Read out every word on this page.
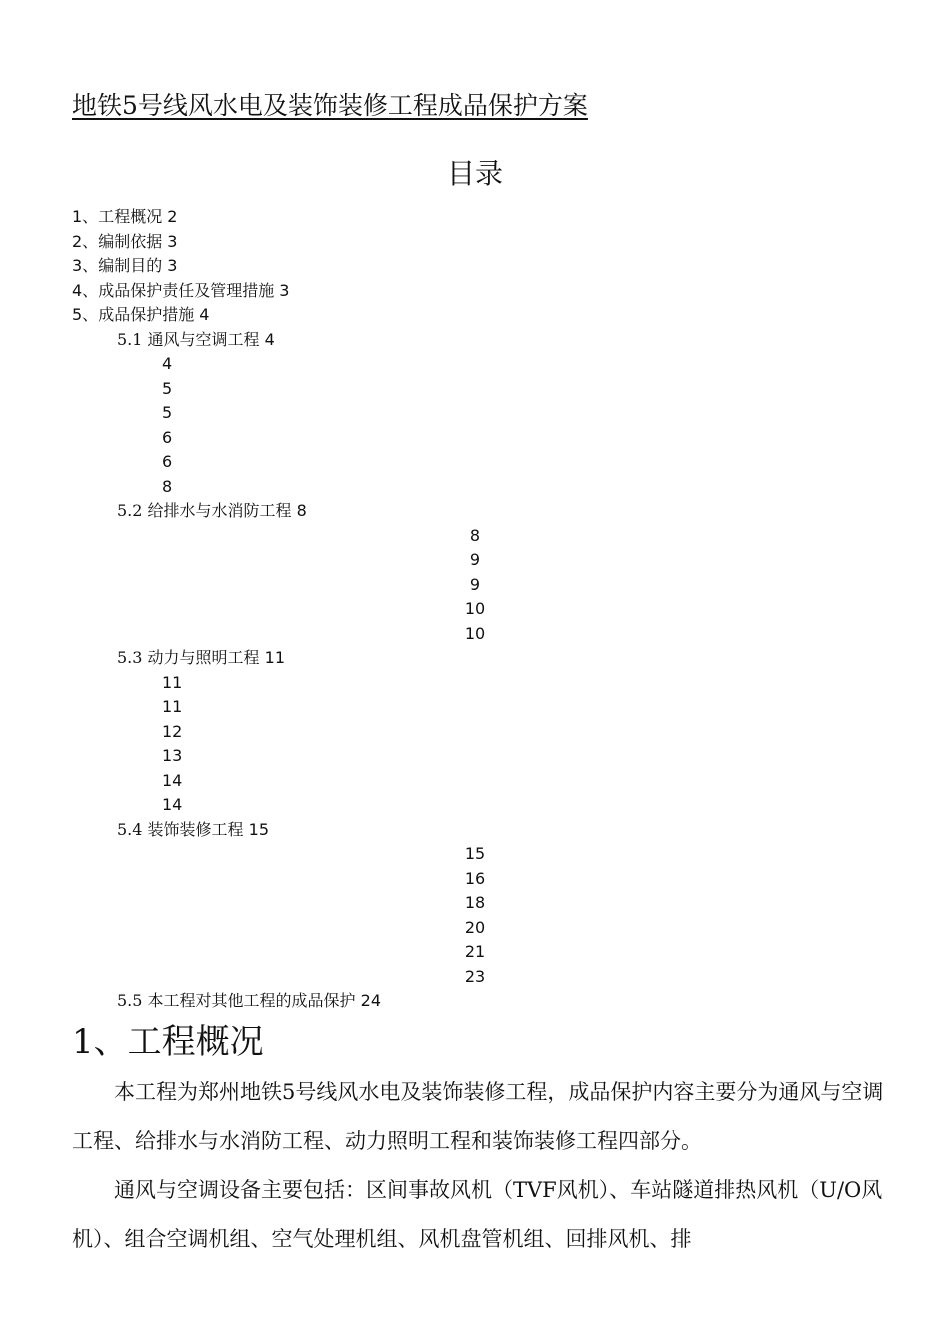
地铁5号线风水电及装饰装修工程成品保护方案
目录
1、工程概况 2
2、编制依据 3
3、编制目的 3
4、成品保护责任及管理措施 3
5、成品保护措施 4
5.1 通风与空调工程 4
4
5
5
6
6
8
5.2 给排水与水消防工程 8
8
9
9
10
10
5.3 动力与照明工程 11
11
11
12
13
14
14
5.4 装饰装修工程 15
15
16
18
20
21
23
5.5 本工程对其他工程的成品保护 24
1、工程概况
本工程为郑州地铁5号线风水电及装饰装修工程，成品保护内容主要分为通风与空调工程、给排水与水消防工程、动力照明工程和装饰装修工程四部分。
通风与空调设备主要包括：区间事故风机（TVF风机）、车站隧道排热风机（U/O风机）、组合空调机组、空气处理机组、风机盘管机组、回排风机、排
